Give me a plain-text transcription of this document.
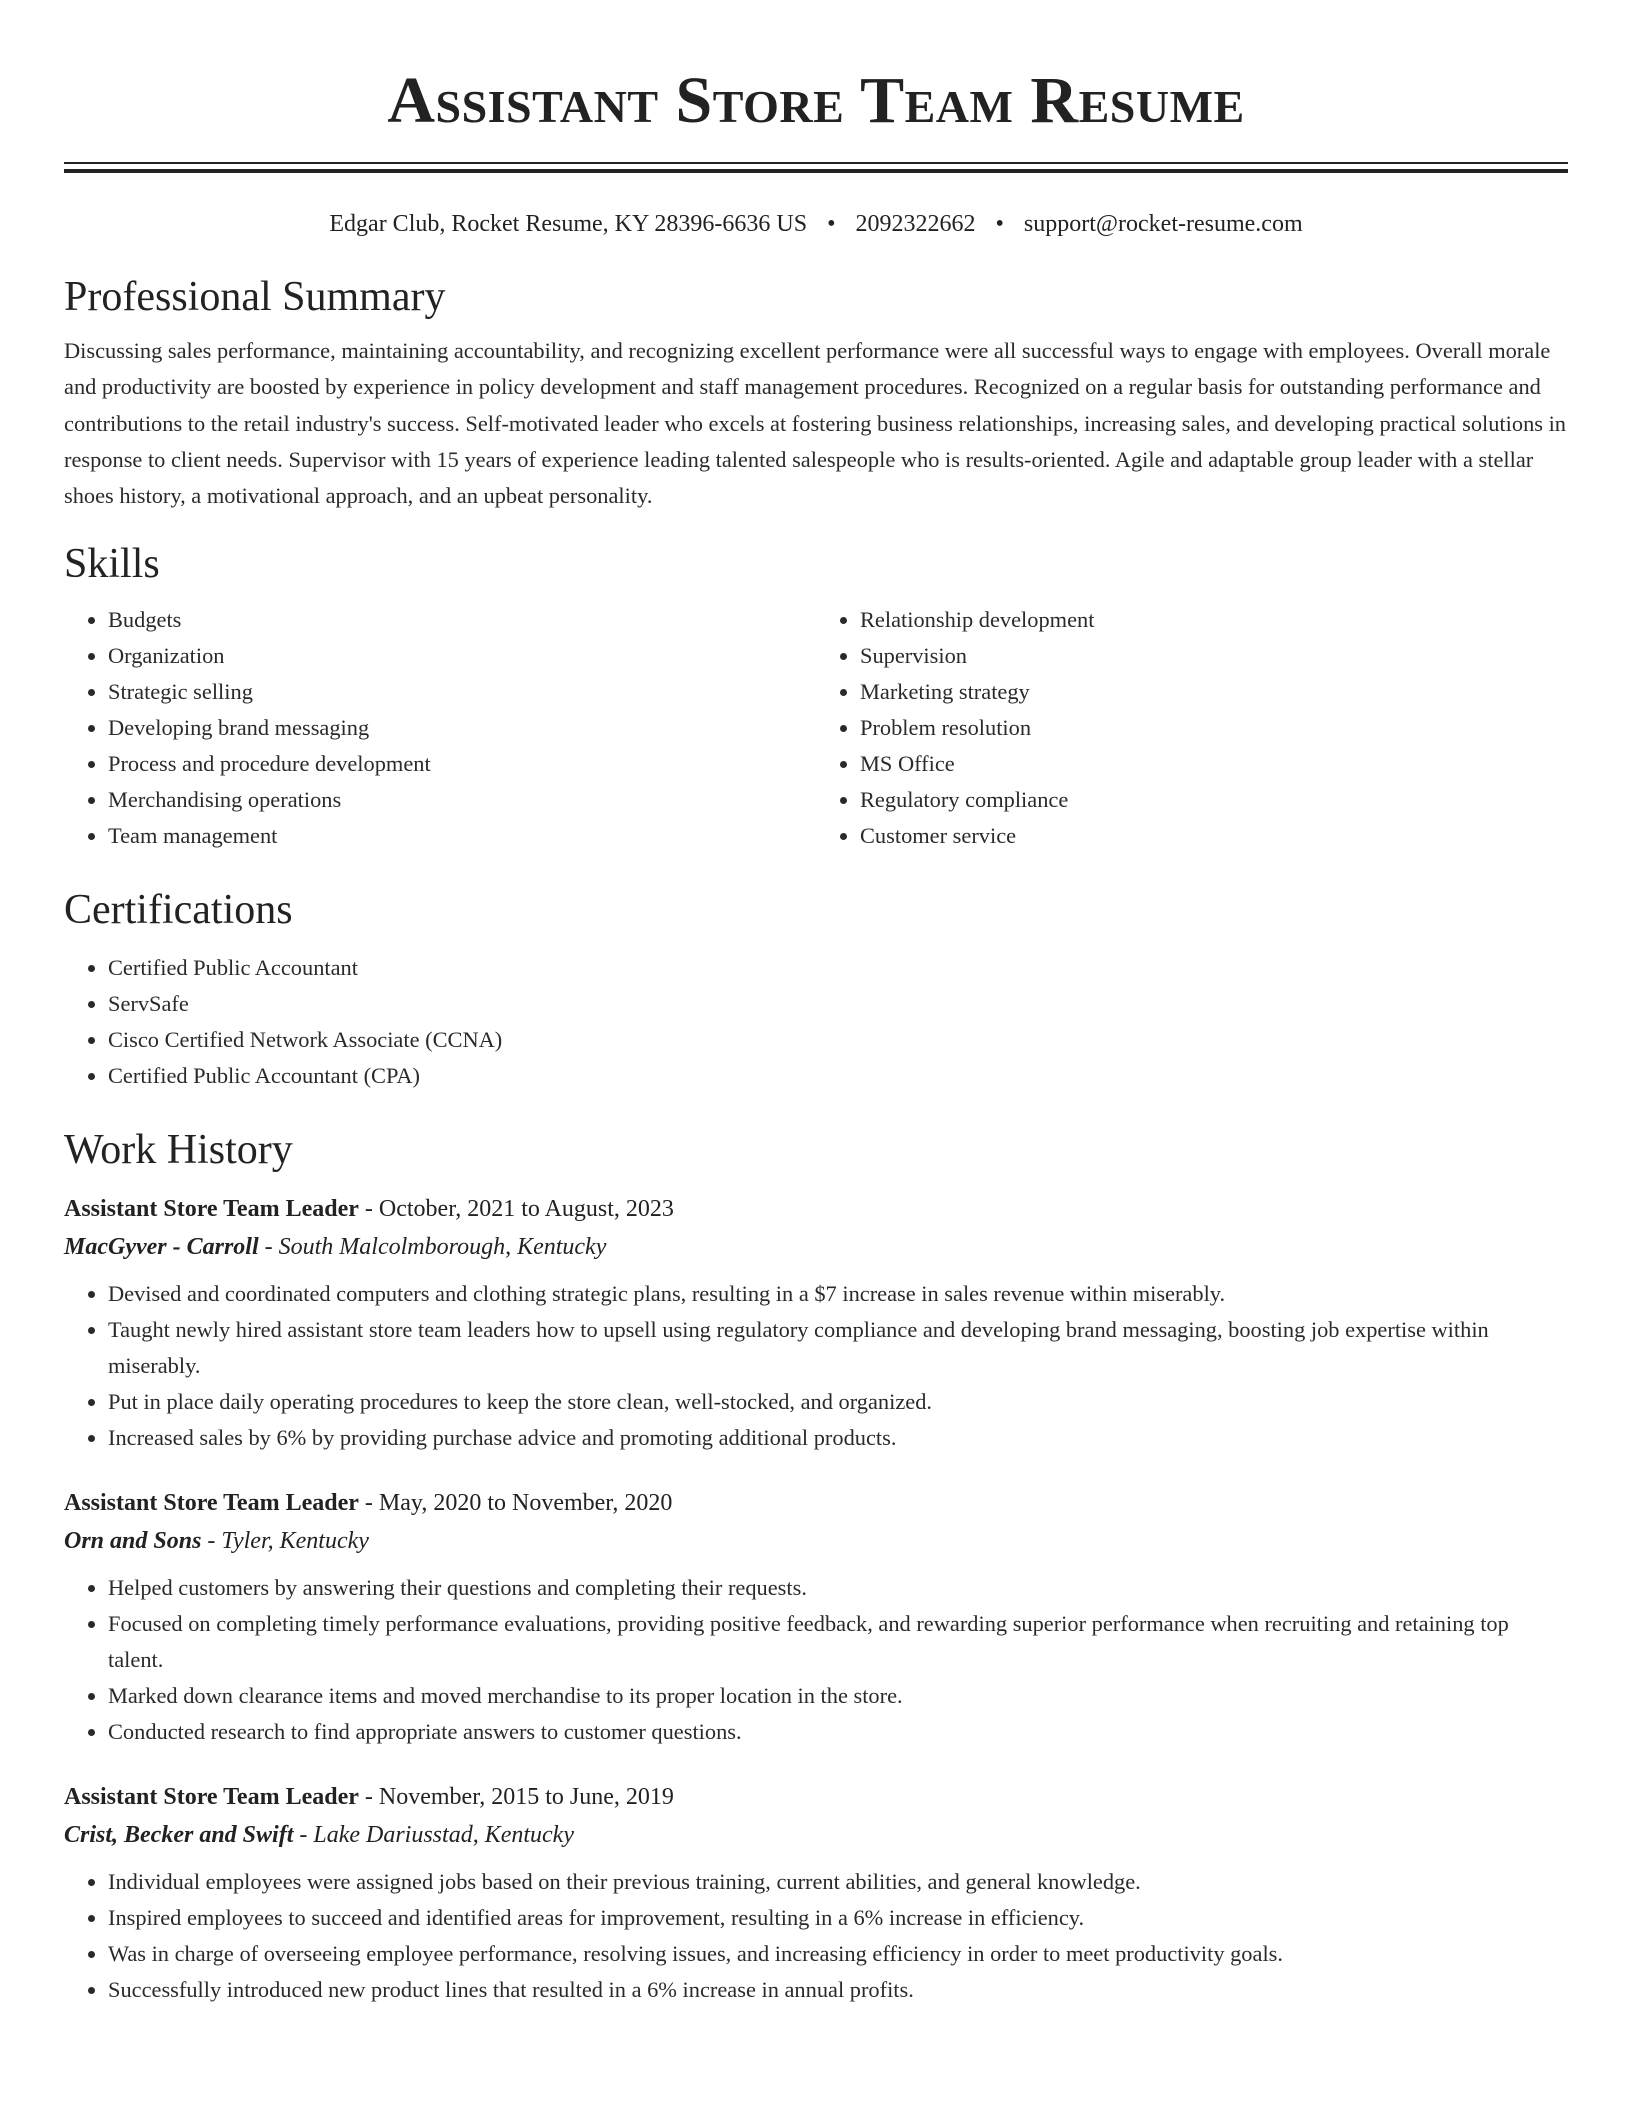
Assistant Store Team Resume
Edgar Club, Rocket Resume, KY 28396-6636 US • 2092322662 • support@rocket-resume.com
Professional Summary
Discussing sales performance, maintaining accountability, and recognizing excellent performance were all successful ways to engage with employees. Overall morale and productivity are boosted by experience in policy development and staff management procedures. Recognized on a regular basis for outstanding performance and contributions to the retail industry's success. Self-motivated leader who excels at fostering business relationships, increasing sales, and developing practical solutions in response to client needs. Supervisor with 15 years of experience leading talented salespeople who is results-oriented. Agile and adaptable group leader with a stellar shoes history, a motivational approach, and an upbeat personality.
Skills
• Budgets
• Organization
• Strategic selling
• Developing brand messaging
• Process and procedure development
• Merchandising operations
• Team management
• Relationship development
• Supervision
• Marketing strategy
• Problem resolution
• MS Office
• Regulatory compliance
• Customer service
Certifications
• Certified Public Accountant
• ServSafe
• Cisco Certified Network Associate (CCNA)
• Certified Public Accountant (CPA)
Work History
Assistant Store Team Leader - October, 2021 to August, 2023
MacGyver - Carroll - South Malcolmborough, Kentucky
• Devised and coordinated computers and clothing strategic plans, resulting in a $7 increase in sales revenue within miserably.
• Taught newly hired assistant store team leaders how to upsell using regulatory compliance and developing brand messaging, boosting job expertise within miserably.
• Put in place daily operating procedures to keep the store clean, well-stocked, and organized.
• Increased sales by 6% by providing purchase advice and promoting additional products.
Assistant Store Team Leader - May, 2020 to November, 2020
Orn and Sons - Tyler, Kentucky
• Helped customers by answering their questions and completing their requests.
• Focused on completing timely performance evaluations, providing positive feedback, and rewarding superior performance when recruiting and retaining top talent.
• Marked down clearance items and moved merchandise to its proper location in the store.
• Conducted research to find appropriate answers to customer questions.
Assistant Store Team Leader - November, 2015 to June, 2019
Crist, Becker and Swift - Lake Dariusstad, Kentucky
• Individual employees were assigned jobs based on their previous training, current abilities, and general knowledge.
• Inspired employees to succeed and identified areas for improvement, resulting in a 6% increase in efficiency.
• Was in charge of overseeing employee performance, resolving issues, and increasing efficiency in order to meet productivity goals.
• Successfully introduced new product lines that resulted in a 6% increase in annual profits.
